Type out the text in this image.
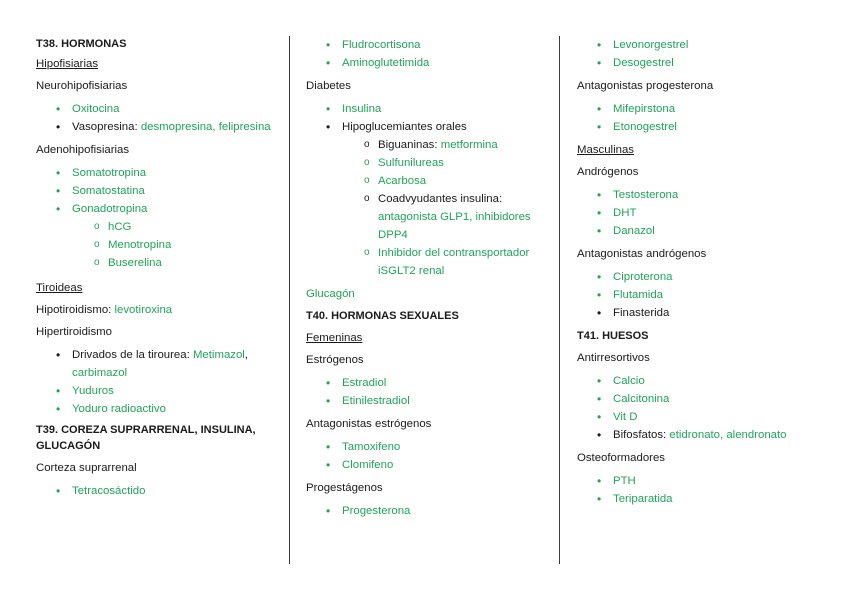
T38. HORMONAS
Hipofisiarias
Neurohipofisiarias
• Oxitocina
• Vasopresina: desmopresina, felipresina
Adenohipofisiarias
• Somatotropina
• Somatostatina
• Gonadotropina
o hCG
o Menotropina
o Buserelina
Tiroideas
Hipotiroidismo: levotiroxina
Hipertiroidismo
• Drivados de la tirourea: Metimazol, carbimazol
• Yuduros
• Yoduro radioactivo
T39. COREZA SUPRARRENAL, INSULINA, GLUCAGÓN
Corteza suprarrenal
• Tetracosáctido
• Fludrocortisona
• Aminoglutetimida
Diabetes
• Insulina
• Hipoglucemiantes orales
o Biguaninas: metformina
o Sulfunilureas
o Acarbosa
o Coadvyudantes insulina:
antagonista GLP1, inhibidores DPP4
o Inhibidor del contransportador iSGLT2 renal
Glucagón
T40. HORMONAS SEXUALES
Femeninas
Estrógenos
• Estradiol
• Etinilestradiol
Antagonistas estrógenos
• Tamoxifeno
• Clomifeno
Progestágenos
• Progesterona
• Levonorgestrel
• Desogestrel
Antagonistas progesterona
• Mifepirstona
• Etonogestrel
Masculinas
Andrógenos
• Testosterona
• DHT
• Danazol
Antagonistas andrógenos
• Ciproterona
• Flutamida
• Finasterida
T41. HUESOS
Antirresortivos
• Calcio
• Calcitonina
• Vit D
• Bifosfatos: etidronato, alendronato
Osteoformadores
• PTH
• Teriparatida
